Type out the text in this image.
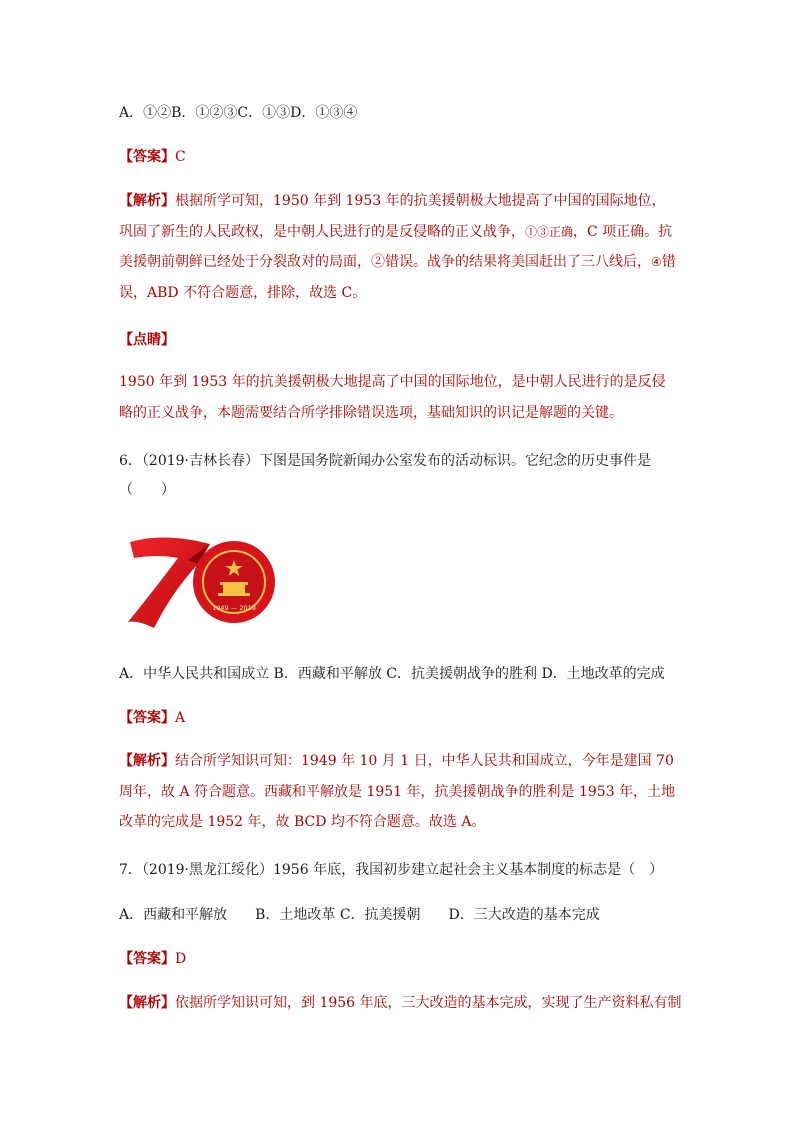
A．①②B．①②③C．①③D．①③④
【答案】C
【解析】根据所学可知，1950 年到 1953 年的抗美援朝极大地提高了中国的国际地位，巩固了新生的人民政权，是中朝人民进行的是反侵略的正义战争，①③正确，C 项正确。抗美援朝前朝鲜已经处于分裂敌对的局面，②错误。战争的结果将美国赶出了三八线后，④错误，ABD 不符合题意，排除，故选 C。
【点睛】
1950 年到 1953 年的抗美援朝极大地提高了中国的国际地位，是中朝人民进行的是反侵略的正义战争，本题需要结合所学排除错误选项，基础知识的识记是解题的关键。
6．（2019·吉林长春）下图是国务院新闻办公室发布的活动标识。它纪念的历史事件是
（　　）
1949 — 2019
A．中华人民共和国成立 B．西藏和平解放 C．抗美援朝战争的胜利 D．土地改革的完成
【答案】A
【解析】结合所学知识可知：1949 年 10 月 1 日，中华人民共和国成立，今年是建国 70 周年，故 A 符合题意。西藏和平解放是 1951 年，抗美援朝战争的胜利是 1953 年，土地改革的完成是 1952 年，故 BCD 均不符合题意。故选 A。
7．（2019·黑龙江绥化）1956 年底，我国初步建立起社会主义基本制度的标志是（　）
A．西藏和平解放　　B．土地改革 C．抗美援朝　　D．三大改造的基本完成
【答案】D
【解析】依据所学知识可知，到 1956 年底，三大改造的基本完成，实现了生产资料私有制
